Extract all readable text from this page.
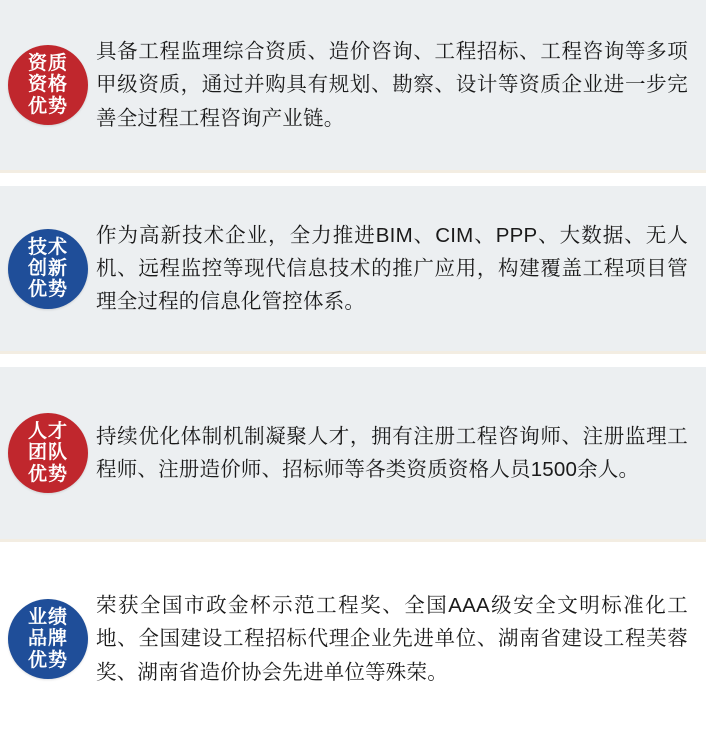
资质
资格
优势
具备工程监理综合资质、造价咨询、工程招标、工程咨询等多项甲级资质，通过并购具有规划、勘察、设计等资质企业进一步完善全过程工程咨询产业链。
技术
创新
优势
作为高新技术企业，全力推进BIM、CIM、PPP、大数据、无人机、远程监控等现代信息技术的推广应用，构建覆盖工程项目管理全过程的信息化管控体系。
人才
团队
优势
持续优化体制机制凝聚人才，拥有注册工程咨询师、注册监理工程师、注册造价师、招标师等各类资质资格人员1500余人。
业绩
品牌
优势
荣获全国市政金杯示范工程奖、全国AAA级安全文明标准化工地、全国建设工程招标代理企业先进单位、湖南省建设工程芙蓉奖、湖南省造价协会先进单位等殊荣。
